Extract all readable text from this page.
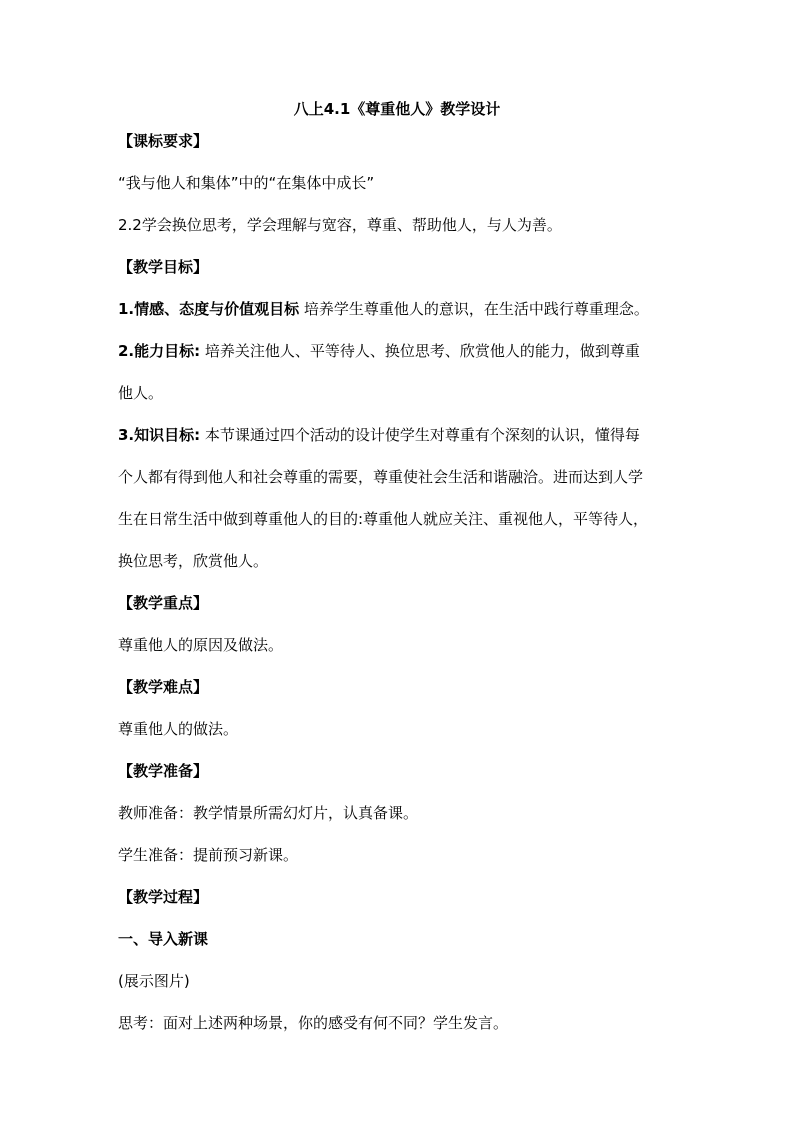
八上4.1《尊重他人》教学设计
【课标要求】
“我与他人和集体”中的“在集体中成长”
2.2学会换位思考，学会理解与宽容，尊重、帮助他人，与人为善。
【教学目标】
1.情感、态度与价值观目标 培养学生尊重他人的意识，在生活中践行尊重理念。
2.能力目标: 培养关注他人、平等待人、换位思考、欣赏他人的能力，做到尊重
他人。
3.知识目标: 本节课通过四个活动的设计使学生对尊重有个深刻的认识，懂得每
个人都有得到他人和社会尊重的需要，尊重使社会生活和谐融洽。进而达到人学
生在日常生活中做到尊重他人的目的:尊重他人就应关注、重视他人，平等待人，
换位思考，欣赏他人。
【教学重点】
尊重他人的原因及做法。
【教学难点】
尊重他人的做法。
【教学准备】
教师准备：教学情景所需幻灯片，认真备课。
学生准备：提前预习新课。
【教学过程】
一、导入新课
(展示图片)
思考：面对上述两种场景，你的感受有何不同？学生发言。
